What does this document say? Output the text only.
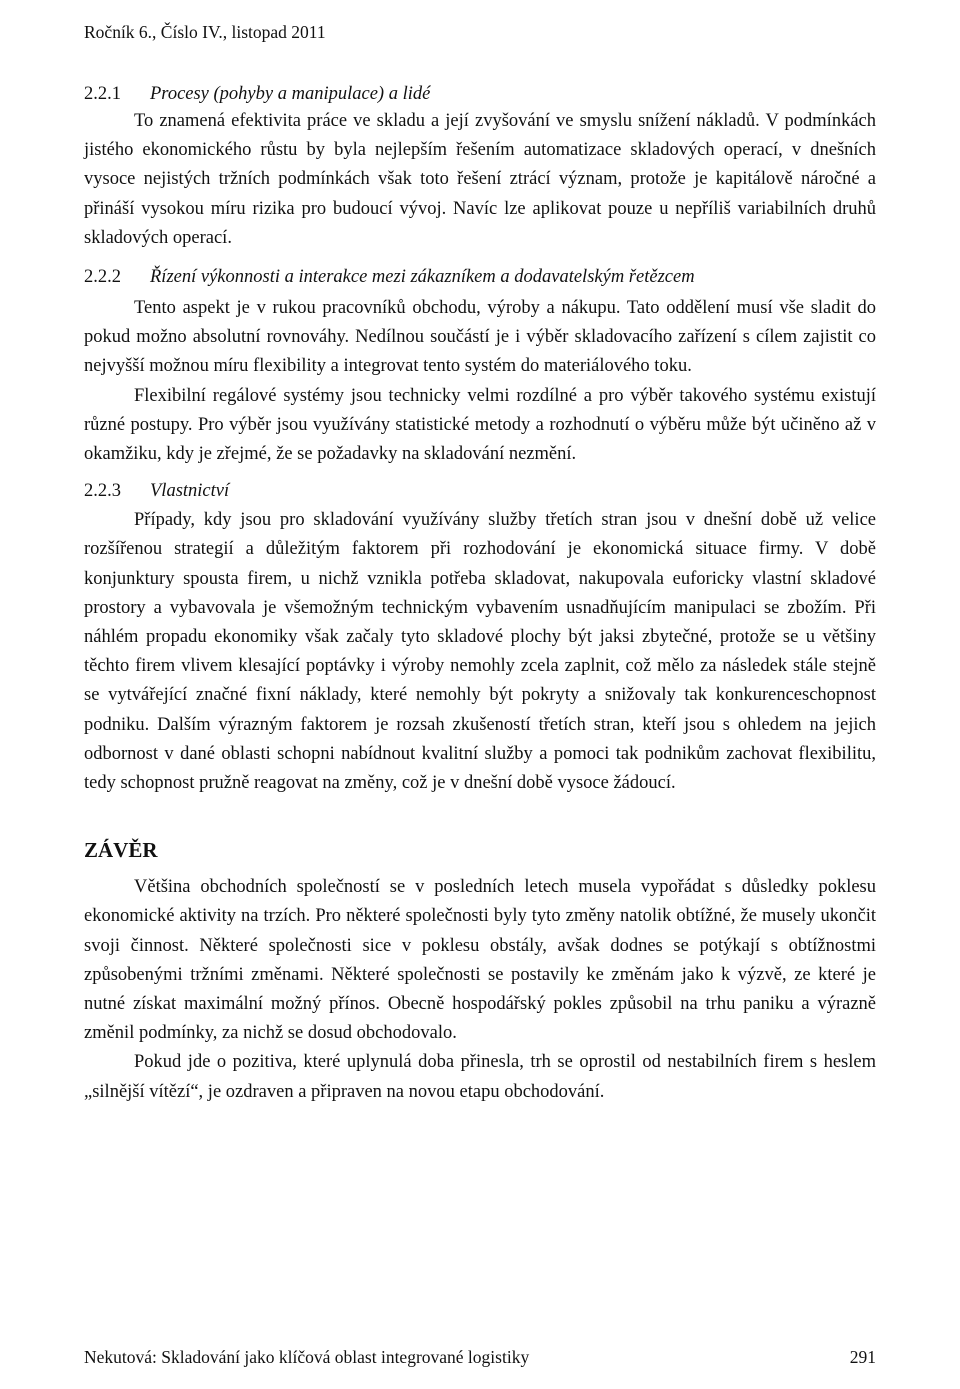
Ročník 6., Číslo IV., listopad 2011
2.2.1	Procesy (pohyby a manipulace) a lidé

To znamená efektivita práce ve skladu a její zvyšování ve smyslu snížení nákladů. V podmínkách jistého ekonomického růstu by byla nejlepším řešením automatizace skladových operací, v dnešních vysoce nejistých tržních podmínkách však toto řešení ztrácí význam, protože je kapitálově náročné a přináší vysokou míru rizika pro budoucí vývoj. Navíc lze aplikovat pouze u nepříliš variabilních druhů skladových operací.

2.2.2	Řízení výkonnosti a interakce mezi zákazníkem a dodavatelským řetězcem

Tento aspekt je v rukou pracovníků obchodu, výroby a nákupu. Tato oddělení musí vše sladit do pokud možno absolutní rovnováhy. Nedílnou součástí je i výběr skladovacího zařízení s cílem zajistit co nejvyšší možnou míru flexibility a integrovat tento systém do materiálového toku.

Flexibilní regálové systémy jsou technicky velmi rozdílné a pro výběr takového systému existují různé postupy. Pro výběr jsou využívány statistické metody a rozhodnutí o výběru může být učiněno až v okamžiku, kdy je zřejmé, že se požadavky na skladování nezmění.

2.2.3	Vlastnictví

Případy, kdy jsou pro skladování využívány služby třetích stran jsou v dnešní době už velice rozšířenou strategií a důležitým faktorem při rozhodování je ekonomická situace firmy. V době konjunktury spousta firem, u nichž vznikla potřeba skladovat, nakupovala euforicky vlastní skladové prostory a vybavovala je všemožným technickým vybavením usnadňujícím manipulaci se zbožím. Při náhlém propadu ekonomiky však začaly tyto skladové plochy být jaksi zbytečné, protože se u většiny těchto firem vlivem klesající poptávky i výroby nemohly zcela zaplnit, což mělo za následek stále stejně se vytvářející značné fixní náklady, které nemohly být pokryty a snižovaly tak konkurenceschopnost podniku. Dalším výrazným faktorem je rozsah zkušeností třetích stran, kteří jsou s ohledem na jejich odbornost v dané oblasti schopni nabídnout kvalitní služby a pomoci tak podnikům zachovat flexibilitu, tedy schopnost pružně reagovat na změny, což je v dnešní době vysoce žádoucí.

ZÁVĚR

Většina obchodních společností se v posledních letech musela vypořádat s důsledky poklesu ekonomické aktivity na trzích. Pro některé společnosti byly tyto změny natolik obtížné, že musely ukončit svoji činnost. Některé společnosti sice v poklesu obstály, avšak dodnes se potýkají s obtížnostmi způsobenými tržními změnami. Některé společnosti se postavily ke změnám jako k výzvě, ze které je nutné získat maximální možný přínos. Obecně hospodářský pokles způsobil na trhu paniku a výrazně změnil podmínky, za nichž se dosud obchodovalo.

Pokud jde o pozitiva, které uplynulá doba přinesla, trh se oprostil od nestabilních firem s heslem „silnější vítězí“, je ozdraven a připraven na novou etapu obchodování.

Nekutová: Skladování jako klíčová oblast integrované logistiky	291
